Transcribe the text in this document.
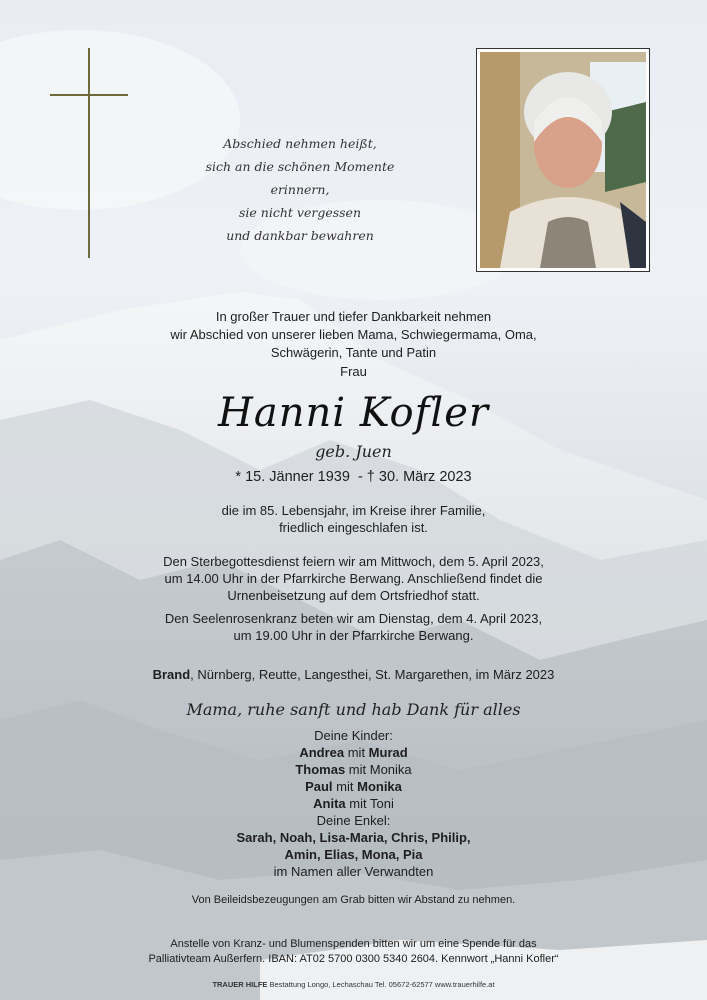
Abschied nehmen heißt,
sich an die schönen Momente erinnern,
sie nicht vergessen
und dankbar bewahren
In großer Trauer und tiefer Dankbarkeit nehmen
wir Abschied von unserer lieben Mama, Schwiegermama, Oma,
Schwägerin, Tante und Patin
Frau
Hanni Kofler
geb. Juen
* 15. Jänner 1939  - † 30. März 2023
die im 85. Lebensjahr, im Kreise ihrer Familie,
friedlich eingeschlafen ist.
Den Sterbegottesdienst feiern wir am Mittwoch, dem 5. April 2023,
um 14.00 Uhr in der Pfarrkirche Berwang. Anschließend findet die
Urnenbeisetzung auf dem Ortsfriedhof statt.
Den Seelenrosenkranz beten wir am Dienstag, dem 4. April 2023,
um 19.00 Uhr in der Pfarrkirche Berwang.
Brand, Nürnberg, Reutte, Langesthei, St. Margarethen, im März 2023
Mama, ruhe sanft und hab Dank für alles
Deine Kinder:
Andrea mit Murad
Thomas mit Monika
Paul mit Monika
Anita mit Toni
Deine Enkel:
Sarah, Noah, Lisa-Maria, Chris, Philip,
Amin, Elias, Mona, Pia
im Namen aller Verwandten
Von Beileidsbezeugungen am Grab bitten wir Abstand zu nehmen.
Anstelle von Kranz- und Blumenspenden bitten wir um eine Spende für das
Palliativteam Außerfern. IBAN: AT02 5700 0300 5340 2604. Kennwort „Hanni Kofler“
TRAUER HILFE Bestattung Longo, Lechaschau Tel. 05672-62577 www.trauerhilfe.at
